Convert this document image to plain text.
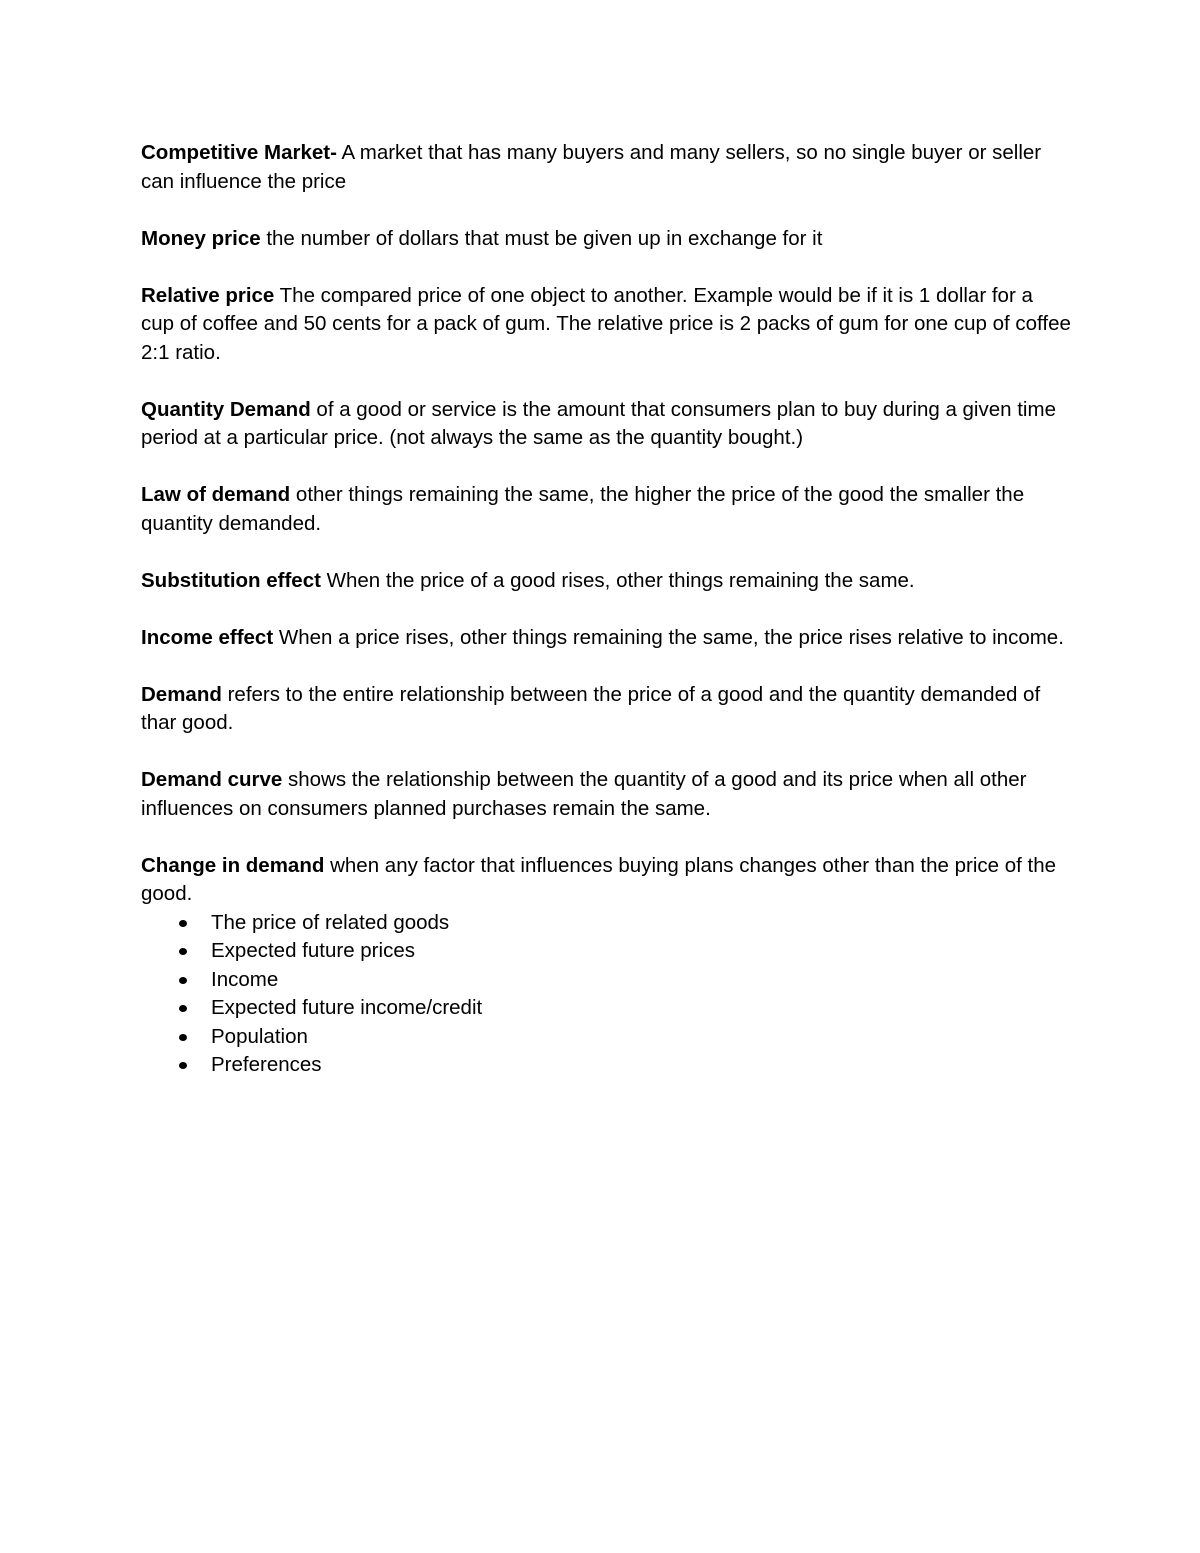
Competitive Market- A market that has many buyers and many sellers, so no single buyer or seller can influence the price

Money price the number of dollars that must be given up in exchange for it

Relative price The compared price of one object to another. Example would be if it is 1 dollar for a cup of coffee and 50 cents for a pack of gum. The relative price is 2 packs of gum for one cup of coffee 2:1 ratio.

Quantity Demand of a good or service is the amount that consumers plan to buy during a given time period at a particular price. (not always the same as the quantity bought.)

Law of demand other things remaining the same, the higher the price of the good the smaller the quantity demanded.

Substitution effect When the price of a good rises, other things remaining the same.

Income effect When a price rises, other things remaining the same, the price rises relative to income.

Demand refers to the entire relationship between the price of a good and the quantity demanded of thar good.

Demand curve shows the relationship between the quantity of a good and its price when all other influences on consumers planned purchases remain the same.

Change in demand when any factor that influences buying plans changes other than the price of the good.

The price of related goods
Expected future prices
Income
Expected future income/credit
Population
Preferences
